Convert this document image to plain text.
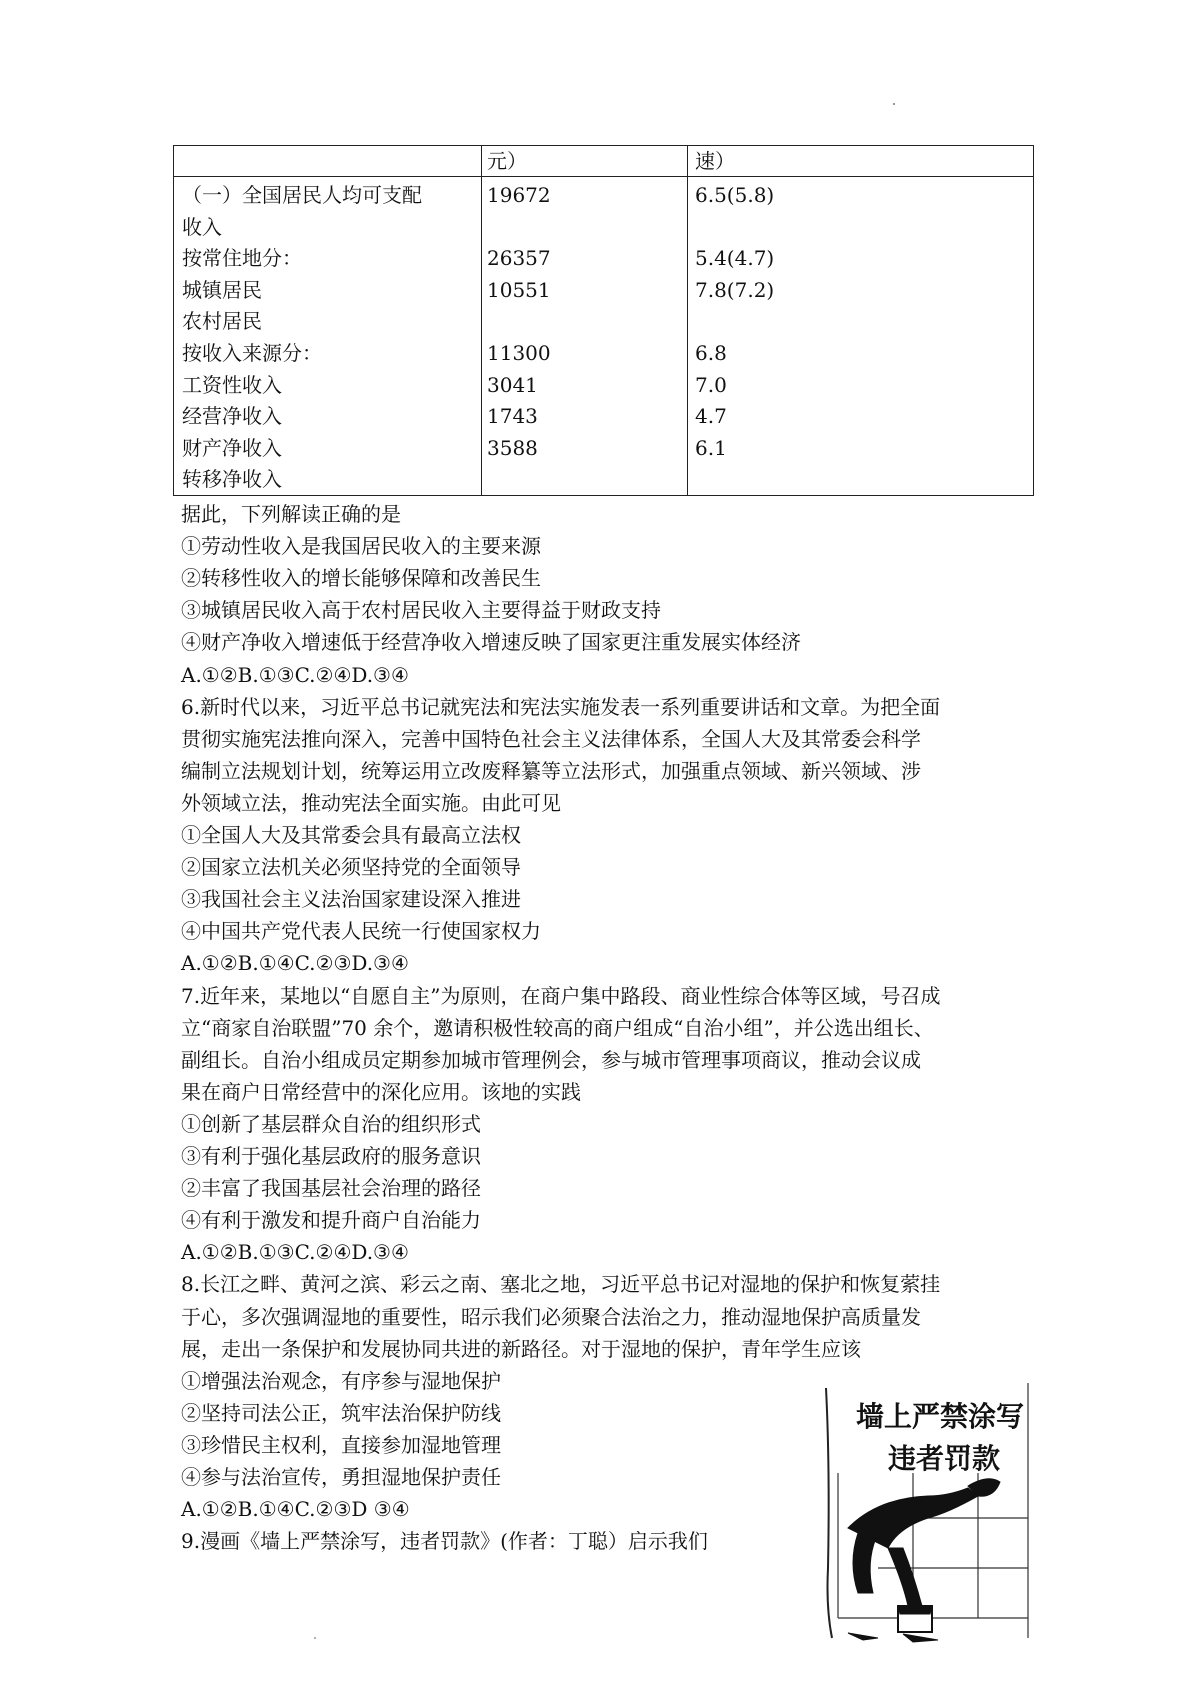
元）	速）
（一）全国居民人均可支配	19672	6.5(5.8)
收入
按常住地分：	26357	5.4(4.7)
城镇居民	10551	7.8(7.2)
农村居民
按收入来源分：	11300	6.8
工资性收入	3041	7.0
经营净收入	1743	4.7
财产净收入	3588	6.1
转移净收入
据此，下列解读正确的是
①劳动性收入是我国居民收入的主要来源
②转移性收入的增长能够保障和改善民生
③城镇居民收入高于农村居民收入主要得益于财政支持
④财产净收入增速低于经营净收入增速反映了国家更注重发展实体经济
A.①②B.①③C.②④D.③④
6.新时代以来，习近平总书记就宪法和宪法实施发表一系列重要讲话和文章。为把全面
贯彻实施宪法推向深入，完善中国特色社会主义法律体系，全国人大及其常委会科学
编制立法规划计划，统筹运用立改废释纂等立法形式，加强重点领域、新兴领域、涉
外领域立法，推动宪法全面实施。由此可见
①全国人大及其常委会具有最高立法权
②国家立法机关必须坚持党的全面领导
③我国社会主义法治国家建设深入推进
④中国共产党代表人民统一行使国家权力
A.①②B.①④C.②③D.③④
7.近年来，某地以“自愿自主”为原则，在商户集中路段、商业性综合体等区域，号召成
立“商家自治联盟”70 余个，邀请积极性较高的商户组成“自治小组”，并公选出组长、
副组长。自治小组成员定期参加城市管理例会，参与城市管理事项商议，推动会议成
果在商户日常经营中的深化应用。该地的实践
①创新了基层群众自治的组织形式
③有利于强化基层政府的服务意识
②丰富了我国基层社会治理的路径
④有利于激发和提升商户自治能力
A.①②B.①③C.②④D.③④
8.长江之畔、黄河之滨、彩云之南、塞北之地，习近平总书记对湿地的保护和恢复萦挂
于心，多次强调湿地的重要性，昭示我们必须聚合法治之力，推动湿地保护高质量发
展，走出一条保护和发展协同共进的新路径。对于湿地的保护，青年学生应该
①增强法治观念，有序参与湿地保护
②坚持司法公正，筑牢法治保护防线
③珍惜民主权利，直接参加湿地管理
④参与法治宣传，勇担湿地保护责任
A.①②B.①④C.②③D ③④
9.漫画《墙上严禁涂写，违者罚款》(作者：丁聪）启示我们
墙上严禁涂写
违者罚款
